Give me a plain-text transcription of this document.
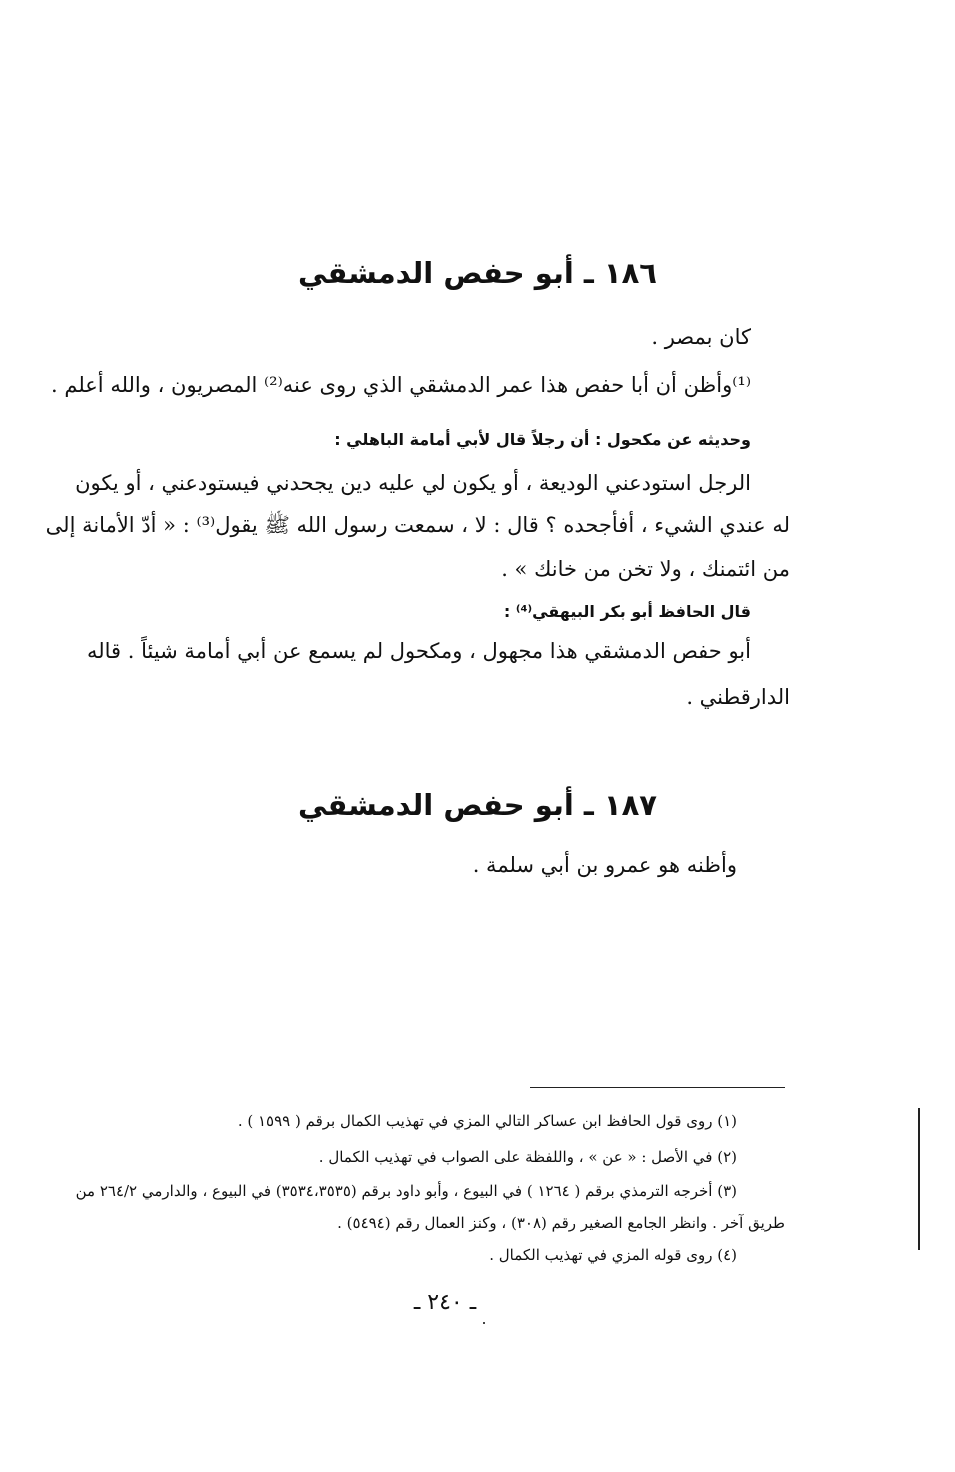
١٨٦ ـ أبو حفص الدمشقي
كان بمصر .
⁽¹⁾وأظن أن أبا حفص هذا عمر الدمشقي الذي روى عنه⁽²⁾ المصريون ، والله أعلم .
وحديثه عن مكحول : أن رجلاً قال لأبي أمامة الباهلي :
الرجل استودعني الوديعة ، أو يكون لي عليه دين يجحدني فيستودعني ، أو يكون
له عندي الشيء ، أفأجحده ؟ قال : لا ، سمعت رسول الله ﷺ يقول⁽³⁾ : « أدّ الأمانة إلى
من ائتمنك ، ولا تخن من خانك » .
قال الحافظ أبو بكر البيهقي⁽⁴⁾ :
أبو حفص الدمشقي هذا مجهول ، ومكحول لم يسمع عن أبي أمامة شيئاً . قاله
الدارقطني .
١٨٧ ـ أبو حفص الدمشقي
وأظنه هو عمرو بن أبي سلمة .
(١) روى قول الحافظ ابن عساكر التالي المزي في تهذيب الكمال برقم ( ١٥٩٩ ) .
(٢) في الأصل : « عن » ، واللفظة على الصواب في تهذيب الكمال .
(٣) أخرجه الترمذي برقم ( ١٢٦٤ ) في البيوع ، وأبو داود برقم (٣٥٣٤،٣٥٣٥) في البيوع ، والدارمي ٢٦٤/٢ من
طريق آخر . وانظر الجامع الصغير رقم (٣٠٨) ، وكنز العمال رقم (٥٤٩٤) .
(٤) روى قوله المزي في تهذيب الكمال .
ـ ٢٤٠ ـ
